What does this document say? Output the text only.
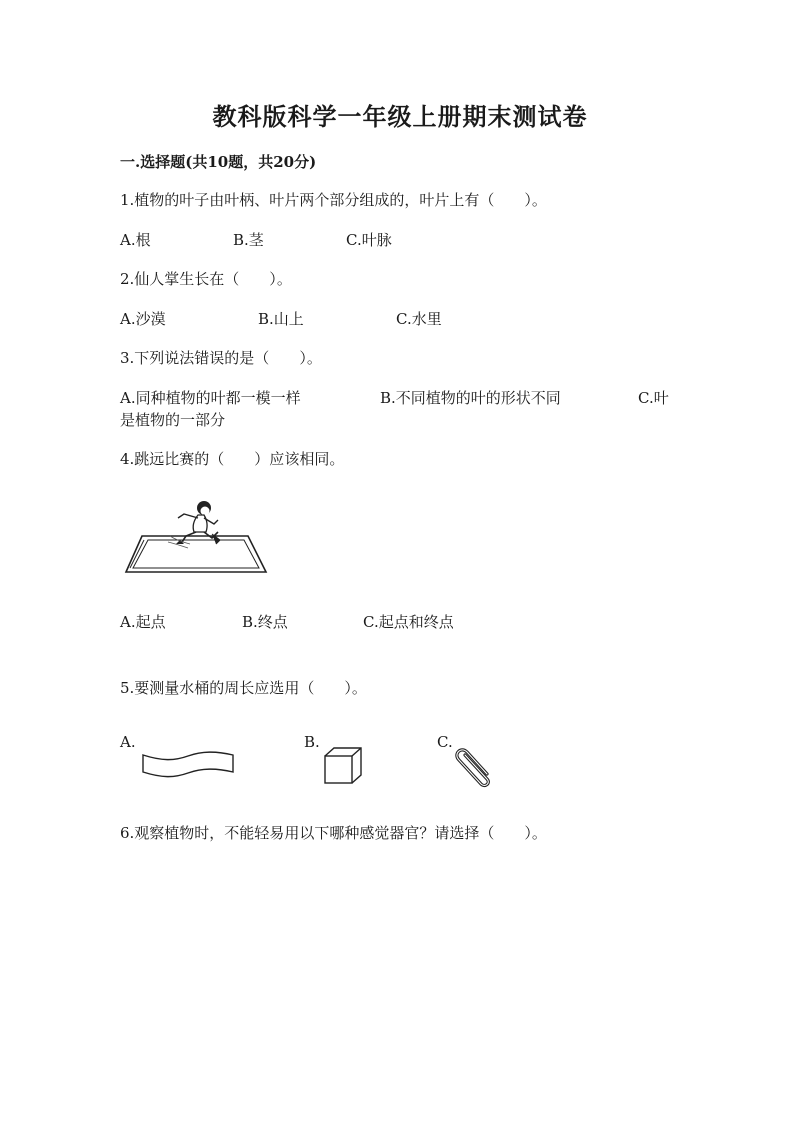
教科版科学一年级上册期末测试卷
一.选择题(共10题，共20分)
1.植物的叶子由叶柄、叶片两个部分组成的，叶片上有（　　）。
A.根	B.茎	C.叶脉
2.仙人掌生长在（　　）。
A.沙漠	B.山上	C.水里
3.下列说法错误的是（　　）。
A.同种植物的叶都一模一样	B.不同植物的叶的形状不同	C.叶
是植物的一部分
4.跳远比赛的（　　）应该相同。
A.起点	B.终点	C.起点和终点
5.要测量水桶的周长应选用（　　）。
A.	B.	C.
6.观察植物时，不能轻易用以下哪种感觉器官？请选择（　　）。
